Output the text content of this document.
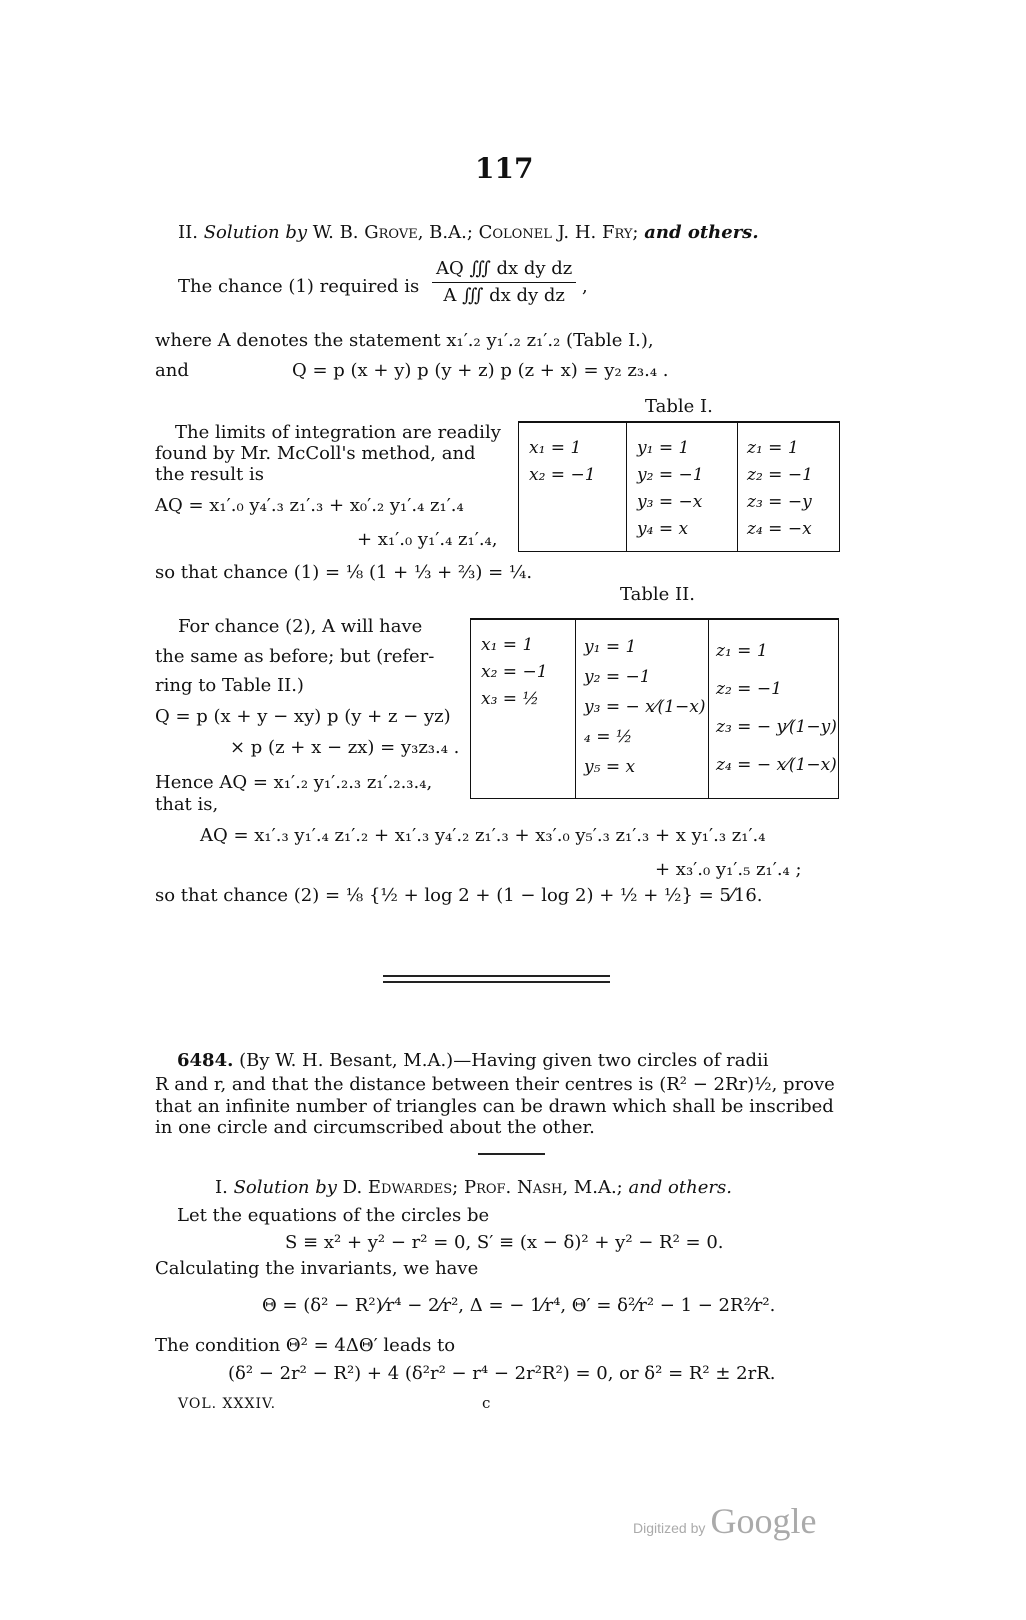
117
II. Solution by W. B. Grove, B.A.; Colonel J. H. Fry; and others.
The chance (1) required is $\frac{\text{AQ ∭ dx dy dz}}{\text{A ∭ dx dy dz}}$ ,
where A denotes the statement x₁′.₂ y₁′.₂ z₁′.₂ (Table I.),
and	Q = p (x + y) p (y + z) p (z + x) = y₂ z₃.₄ .
Table I.
The limits of integration are readily
found by Mr. McColl's method, and
the result is
AQ = x₁′.₀ y₄′.₃ z₁′.₃ + x₀′.₂ y₁′.₄ z₁′.₄
+ x₁′.₀ y₁′.₄ z₁′.₄,
so that chance (1) = ⅛ (1 + ⅓ + ⅔) = ¼.
x₁ = 1
x₂ = −1
y₁ = 1
y₂ = −1
y₃ = −x
y₄ = x
z₁ = 1
z₂ = −1
z₃ = −y
z₄ = −x
Table II.
For chance (2), A will have
the same as before; but (refer-
ring to Table II.)
Q = p (x + y − xy) p (y + z − yz)
× p (z + x − zx) = y₃z₃.₄ .
Hence AQ = x₁′.₂ y₁′.₂.₃ z₁′.₂.₃.₄,
that is,
x₁ = 1
x₂ = −1
x₃ = ½
y₁ = 1
y₂ = −1
y₃ = − x⁄(1−x)
₄ = ½
y₅ = x
z₁ = 1
z₂ = −1
z₃ = − y⁄(1−y)
z₄ = − x⁄(1−x)
AQ = x₁′.₃ y₁′.₄ z₁′.₂ + x₁′.₃ y₄′.₂ z₁′.₃ + x₃′.₀ y₅′.₃ z₁′.₃ + x y₁′.₃ z₁′.₄
+ x₃′.₀ y₁′.₅ z₁′.₄ ;
so that chance (2) = ⅛ {½ + log 2 + (1 − log 2) + ½ + ½} = 5⁄16.
6484. (By W. H. Besant, M.A.)—Having given two circles of radii
R and r, and that the distance between their centres is (R² − 2Rr)½, prove
that an infinite number of triangles can be drawn which shall be inscribed
in one circle and circumscribed about the other.
I. Solution by D. Edwardes; Prof. Nash, M.A.; and others.
Let the equations of the circles be
S ≡ x² + y² − r² = 0, S′ ≡ (x − δ)² + y² − R² = 0.
Calculating the invariants, we have
Θ = (δ² − R²)⁄r⁴ − 2⁄r², Δ = − 1⁄r⁴, Θ′ = δ²⁄r² − 1 − 2R²⁄r².
The condition Θ² = 4ΔΘ′ leads to
(δ² − 2r² − R²) + 4 (δ²r² − r⁴ − 2r²R²) = 0, or δ² = R² ± 2rR.
VOL. XXXIV.	c
Digitized by Google
